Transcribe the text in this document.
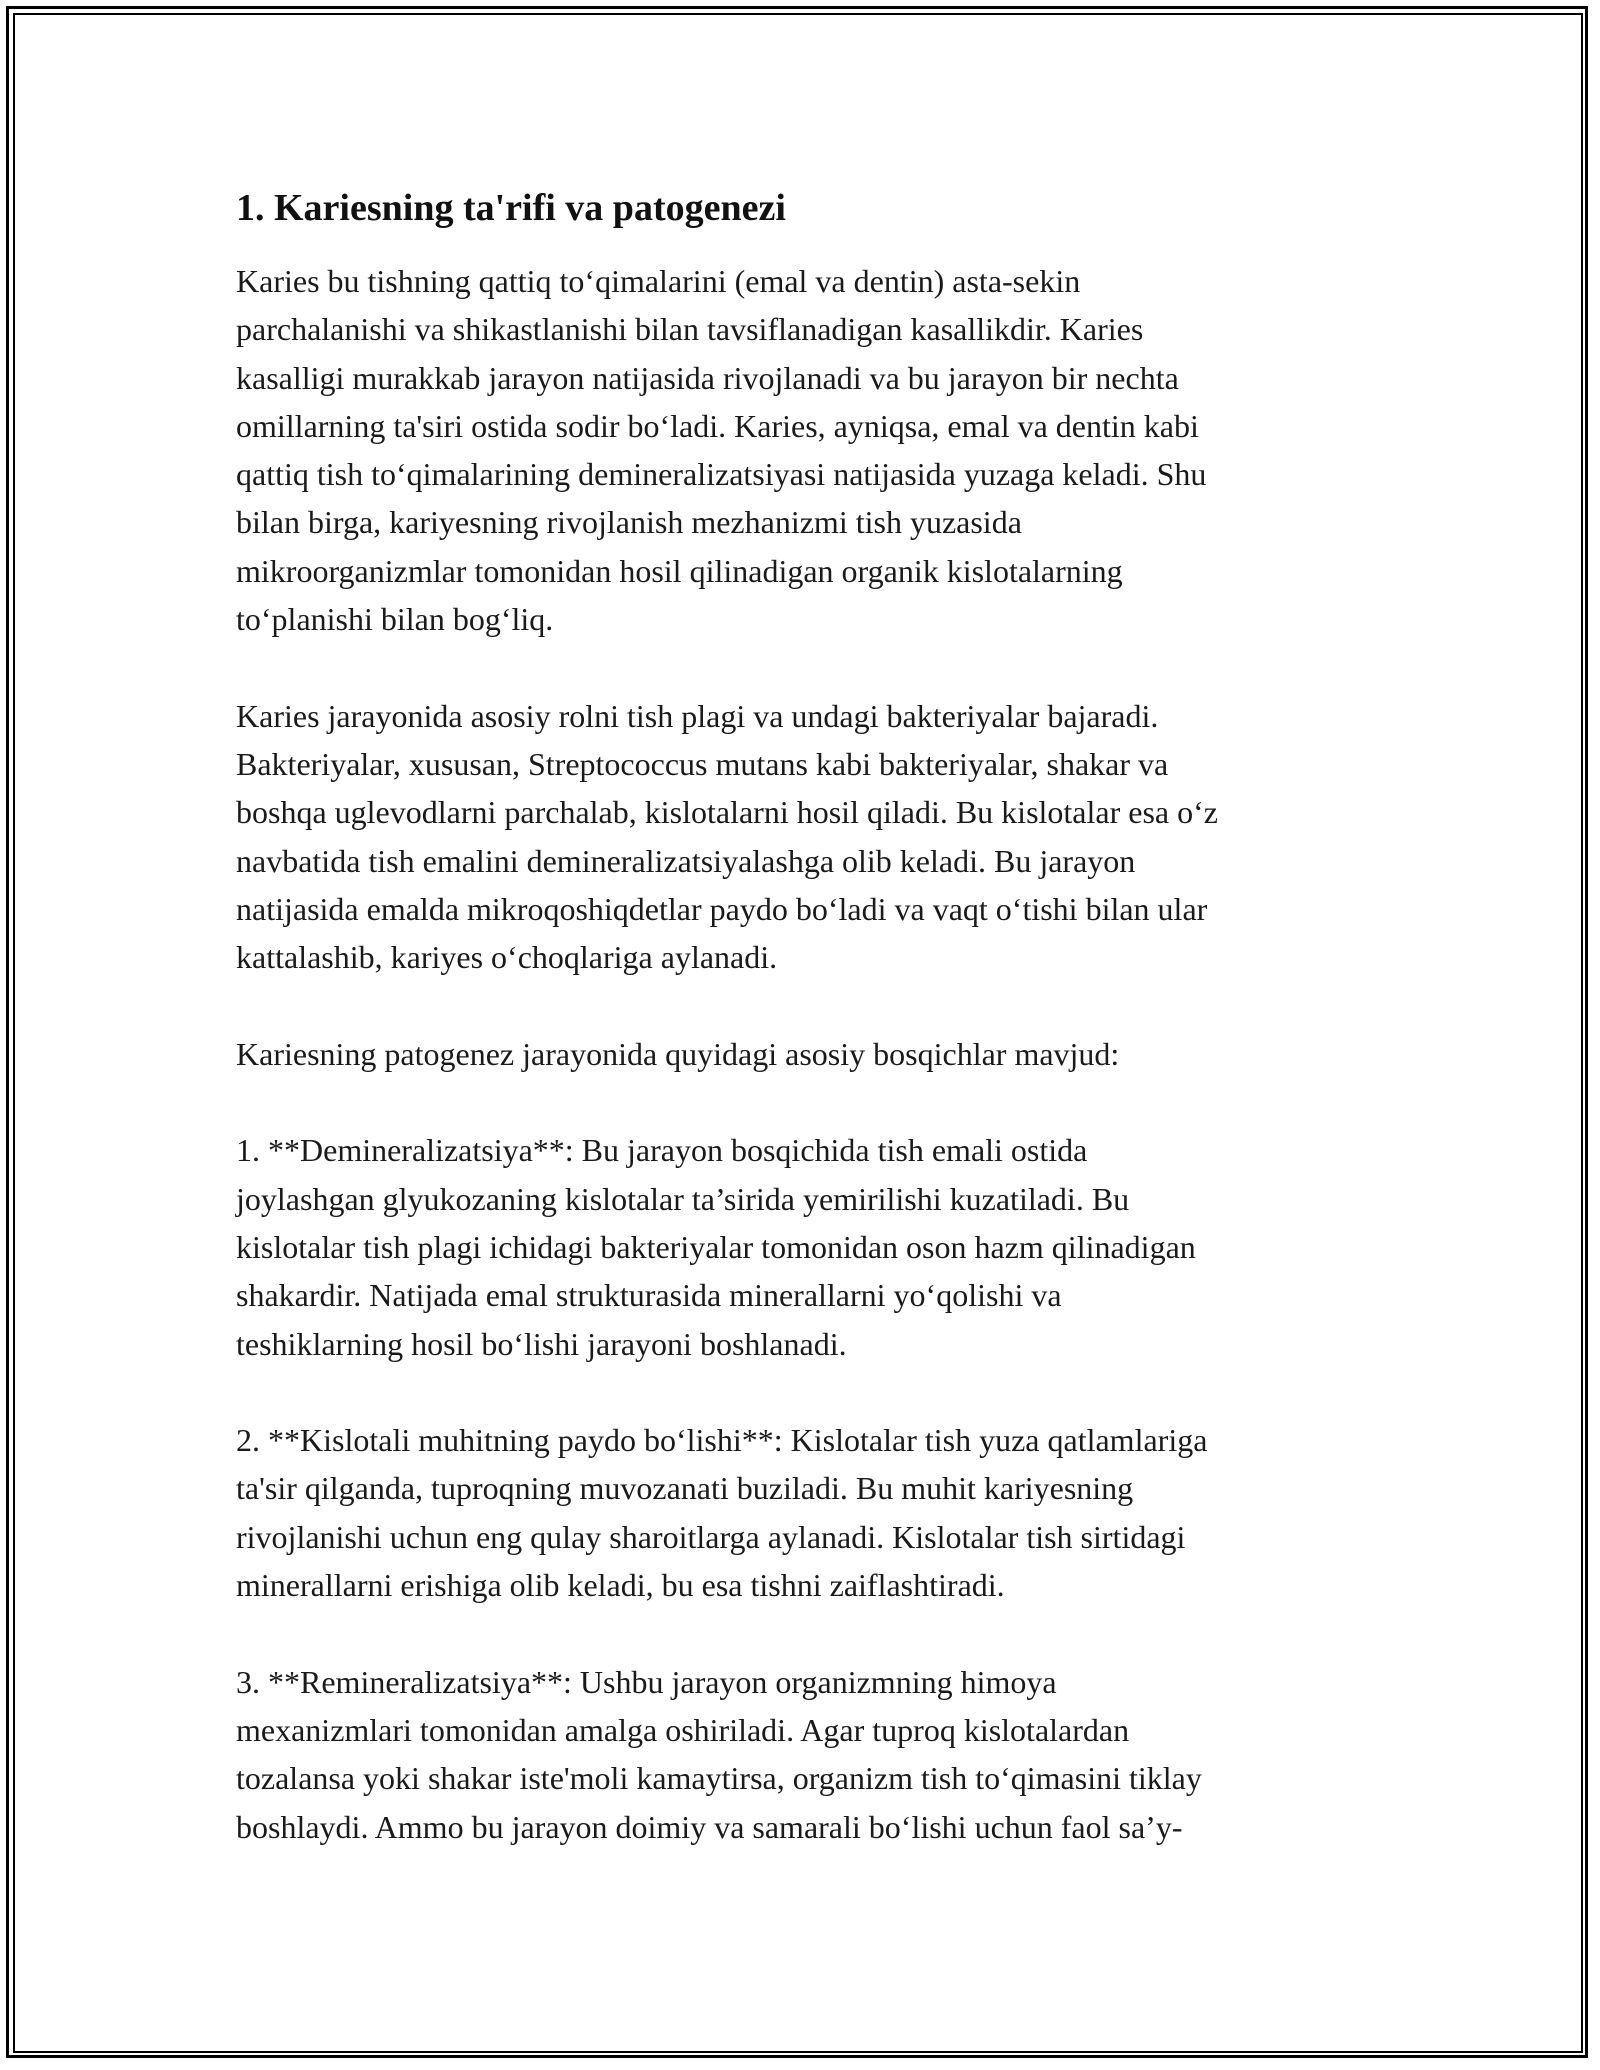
1. Kariesning ta'rifi va patogenezi

Karies bu tishning qattiq to‘qimalarini (emal va dentin) asta-sekin
parchalanishi va shikastlanishi bilan tavsiflanadigan kasallikdir. Karies
kasalligi murakkab jarayon natijasida rivojlanadi va bu jarayon bir nechta
omillarning ta'siri ostida sodir bo‘ladi. Karies, ayniqsa, emal va dentin kabi
qattiq tish to‘qimalarining demineralizatsiyasi natijasida yuzaga keladi. Shu
bilan birga, kariyesning rivojlanish mezhanizmi tish yuzasida
mikroorganizmlar tomonidan hosil qilinadigan organik kislotalarning
to‘planishi bilan bog‘liq.

Karies jarayonida asosiy rolni tish plagi va undagi bakteriyalar bajaradi.
Bakteriyalar, xususan, Streptococcus mutans kabi bakteriyalar, shakar va
boshqa uglevodlarni parchalab, kislotalarni hosil qiladi. Bu kislotalar esa o‘z
navbatida tish emalini demineralizatsiyalashga olib keladi. Bu jarayon
natijasida emalda mikroqoshiqdetlar paydo bo‘ladi va vaqt o‘tishi bilan ular
kattalashib, kariyes o‘choqlariga aylanadi.

Kariesning patogenez jarayonida quyidagi asosiy bosqichlar mavjud:

1. **Demineralizatsiya**: Bu jarayon bosqichida tish emali ostida
joylashgan glyukozaning kislotalar ta’sirida yemirilishi kuzatiladi. Bu
kislotalar tish plagi ichidagi bakteriyalar tomonidan oson hazm qilinadigan
shakardir. Natijada emal strukturasida minerallarni yo‘qolishi va
teshiklarning hosil bo‘lishi jarayoni boshlanadi.

2. **Kislotali muhitning paydo bo‘lishi**: Kislotalar tish yuza qatlamlariga
ta'sir qilganda, tuproqning muvozanati buziladi. Bu muhit kariyesning
rivojlanishi uchun eng qulay sharoitlarga aylanadi. Kislotalar tish sirtidagi
minerallarni erishiga olib keladi, bu esa tishni zaiflashtiradi.

3. **Remineralizatsiya**: Ushbu jarayon organizmning himoya
mexanizmlari tomonidan amalga oshiriladi. Agar tuproq kislotalardan
tozalansa yoki shakar iste'moli kamaytirsa, organizm tish to‘qimasini tiklay
boshlaydi. Ammo bu jarayon doimiy va samarali bo‘lishi uchun faol sa’y-
